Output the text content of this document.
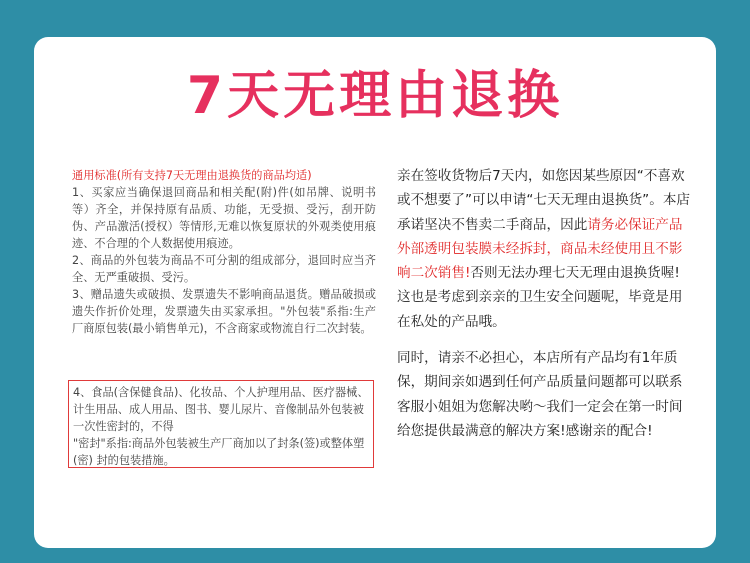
7天无理由退换

通用标准(所有支持7天无理由退换货的商品均适)

1、买家应当确保退回商品和相关配(附)件(如吊牌、说明书等）齐全，并保持原有品质、功能，无受损、受污，刮开防伪、产品激活(授权）等情形,无难以恢复原状的外观类使用痕迹、不合理的个人数据使用痕迹。

2、商品的外包装为商品不可分割的组成部分，退回时应当齐全、无严重破损、受污。

3、赠品遗失或破损、发票遗失不影响商品退货。赠品破损或遗失作折价处理，发票遗失由买家承担。"外包装"系指:生产厂商原包装(最小销售单元)，不含商家或物流自行二次封装。

4、食品(含保健食品)、化妆品、个人护理用品、医疗器械、计生用品、成人用品、图书、婴儿尿片、音像制品外包装被一次性密封的，不得

"密封"系指:商品外包装被生产厂商加以了封条(签)或整体塑(密) 封的包装措施。

亲在签收货物后7天内，如您因某些原因“不喜欢或不想要了”可以申请“七天无理由退换货”。本店承诺坚决不售卖二手商品，因此请务必保证产品外部透明包装膜未经拆封，商品未经使用且不影响二次销售!否则无法办理七天无理由退换货喔!这也是考虑到亲亲的卫生安全问题呢，毕竟是用在私处的产品哦。

同时，请亲不必担心，本店所有产品均有1年质保，期间亲如遇到任何产品质量问题都可以联系客服小姐姐为您解决哟～我们一定会在第一时间给您提供最满意的解决方案!感谢亲的配合!
